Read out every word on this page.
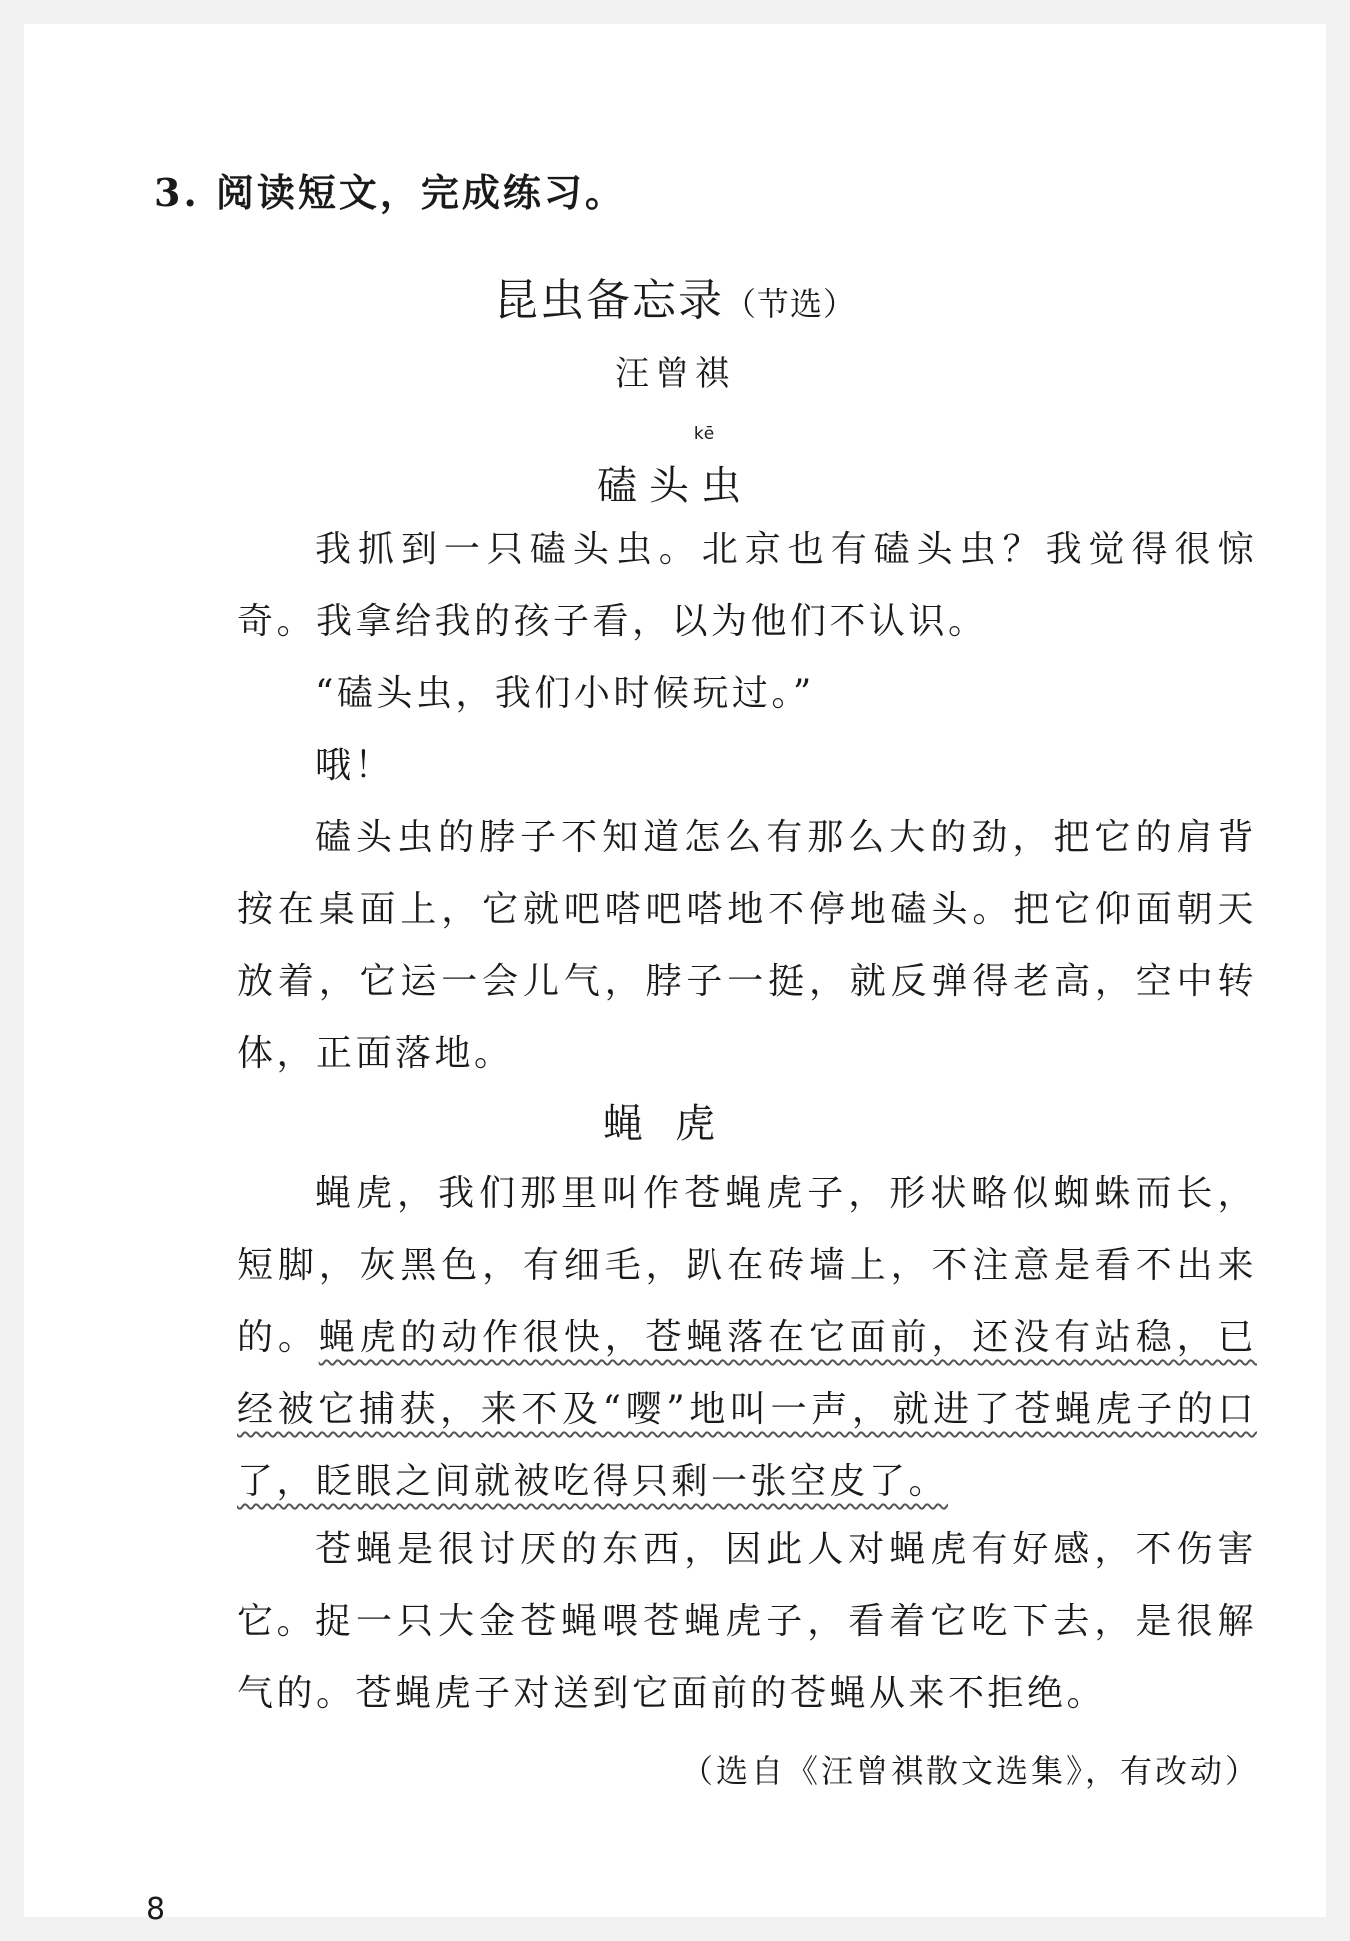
3. 阅读短文，完成练习。
昆虫备忘录（节选）
汪曾祺
kē
磕头虫
我抓到一只磕头虫。北京也有磕头虫？我觉得很惊奇。我拿给我的孩子看，以为他们不认识。
“磕头虫，我们小时候玩过。”
哦！
磕头虫的脖子不知道怎么有那么大的劲，把它的肩背按在桌面上，它就吧嗒吧嗒地不停地磕头。把它仰面朝天放着，它运一会儿气，脖子一挺，就反弹得老高，空中转体，正面落地。
蝇虎
蝇虎，我们那里叫作苍蝇虎子，形状略似蜘蛛而长，短脚，灰黑色，有细毛，趴在砖墙上，不注意是看不出来的。蝇虎的动作很快，苍蝇落在它面前，还没有站稳，已经被它捕获，来不及“嘤”地叫一声，就进了苍蝇虎子的口了，眨眼之间就被吃得只剩一张空皮了。
苍蝇是很讨厌的东西，因此人对蝇虎有好感，不伤害它。
捉一只大金苍蝇喂苍蝇虎子，看着它吃下去，是很解气的。苍蝇虎子对送到它面前的苍蝇从来不拒绝。
（选自《汪曾祺散文选集》，有改动）
8
